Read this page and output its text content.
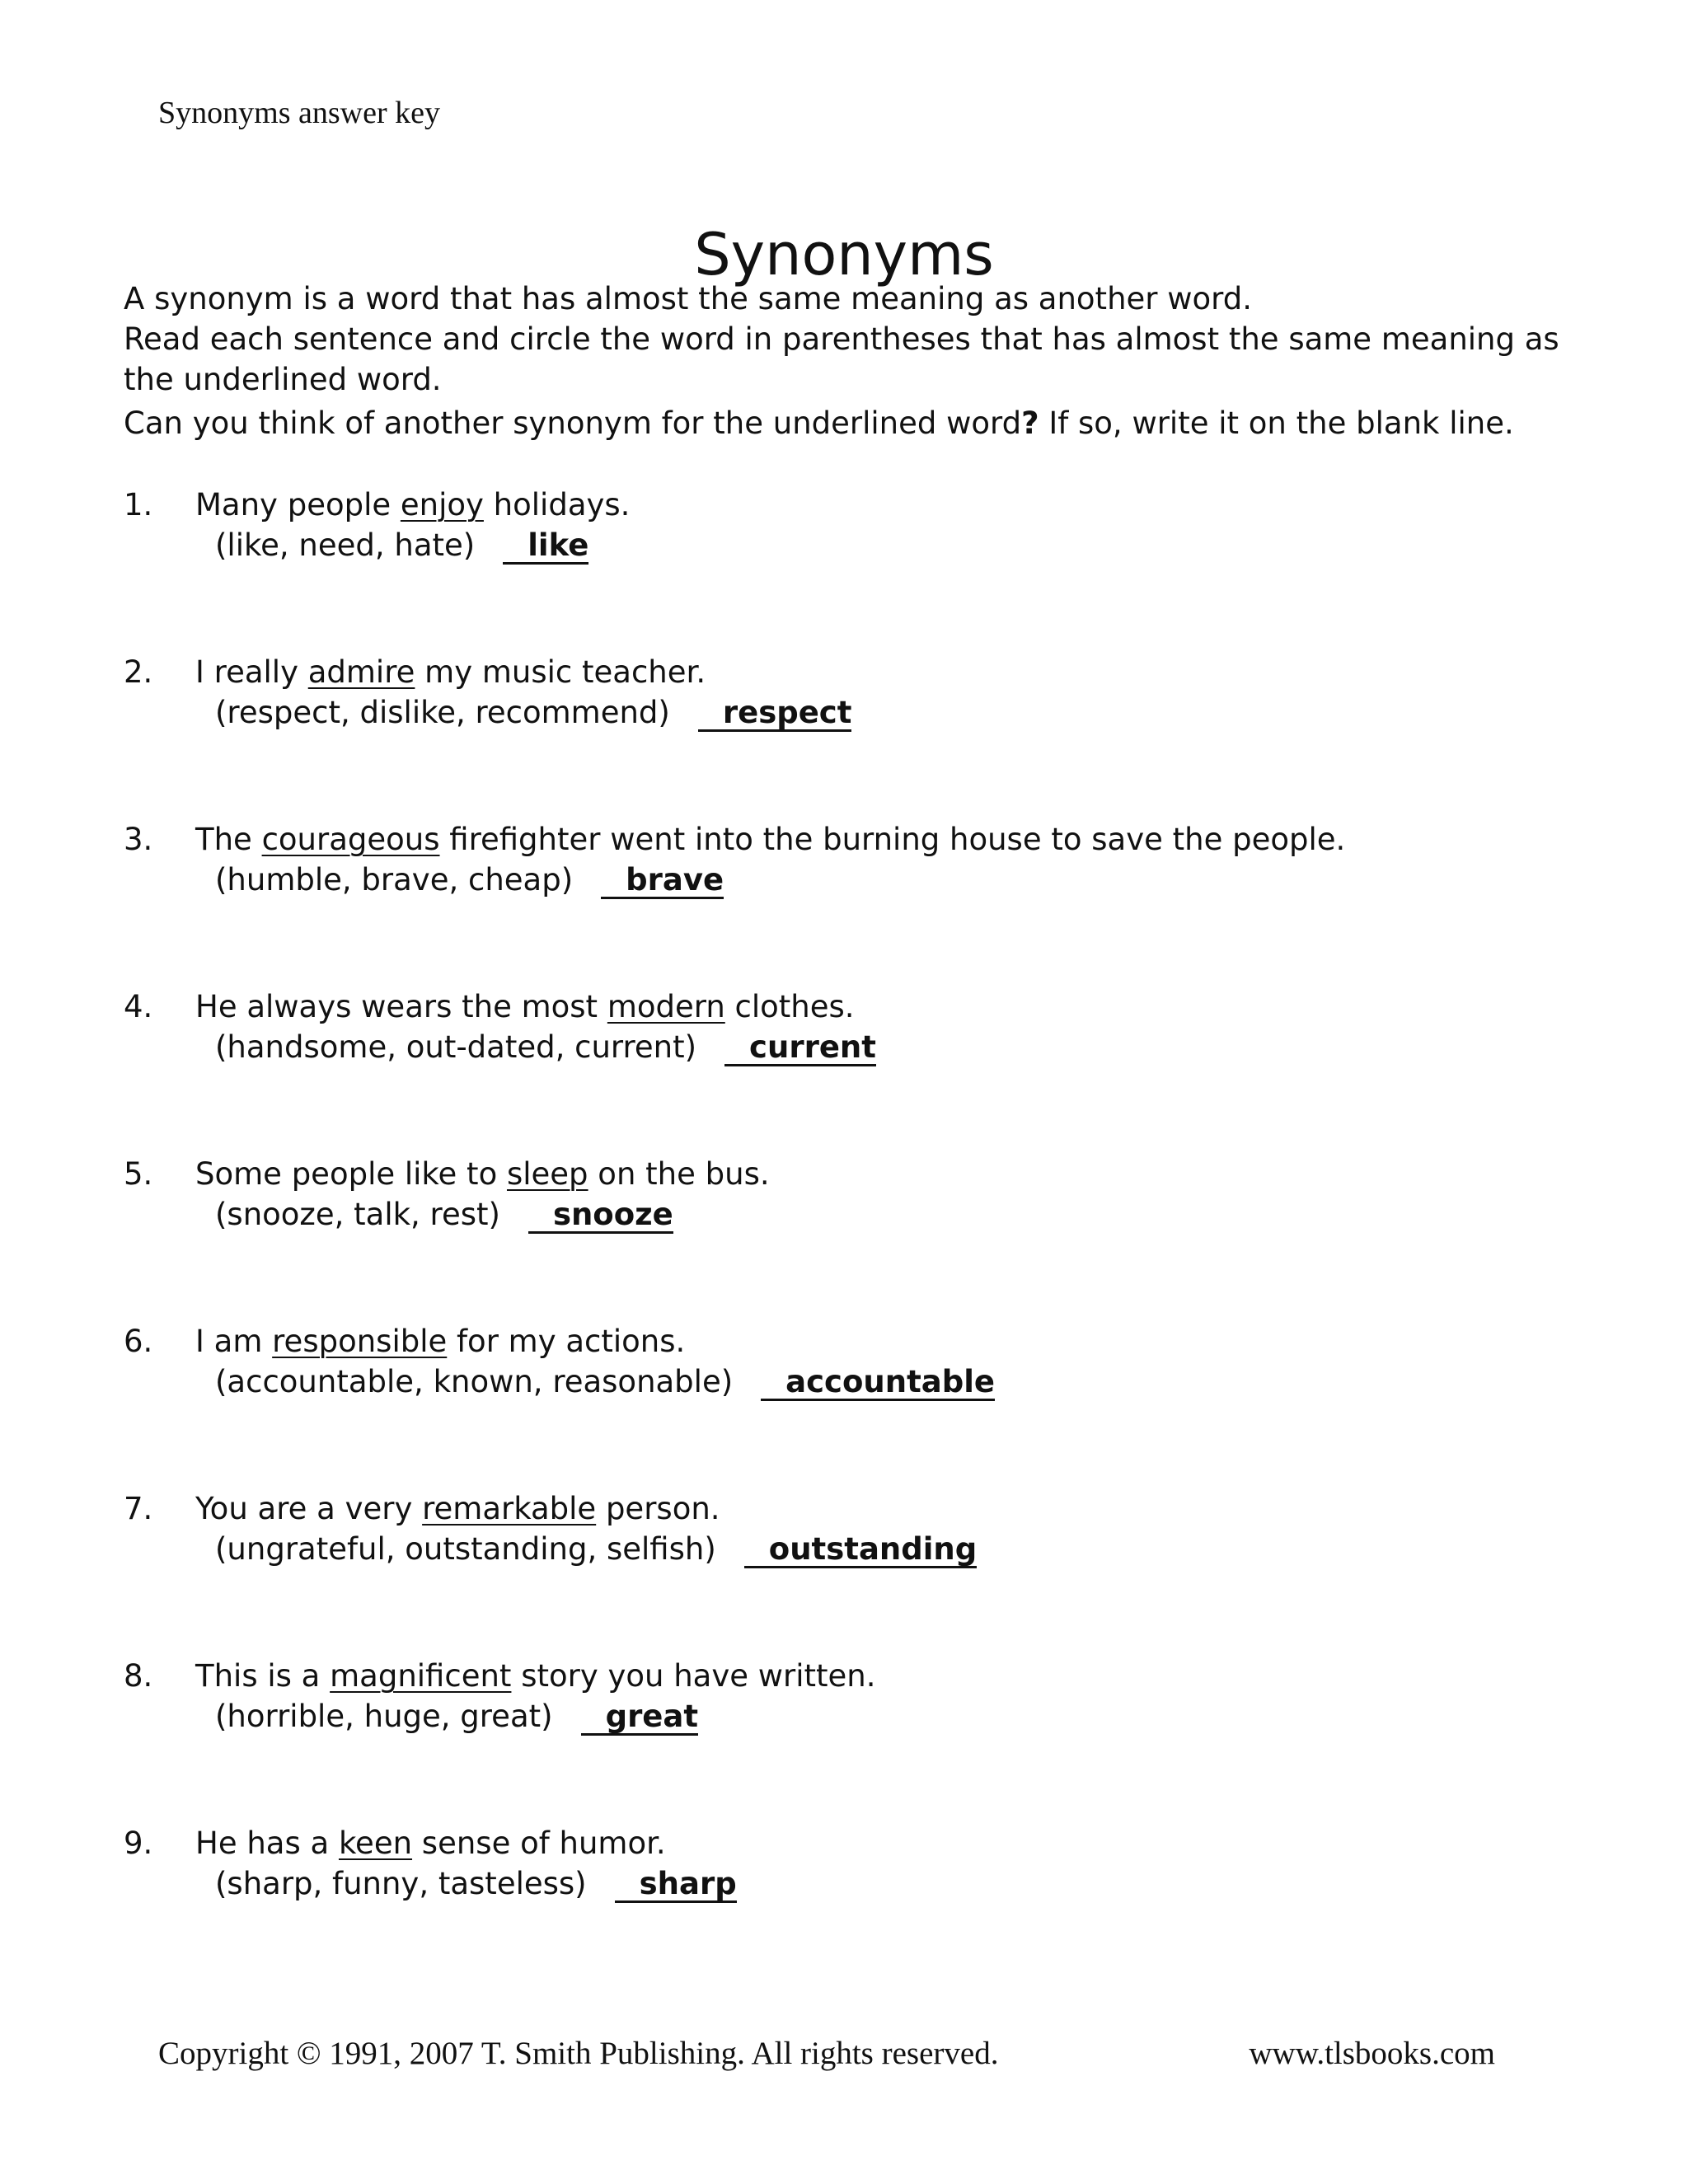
Synonyms answer key
Synonyms

A synonym is a word that has almost the same meaning as another word.

Read each sentence and circle the word in parentheses that has almost the same meaning as the underlined word.

Can you think of another synonym for the underlined word? If so, write it on the blank line.

1. Many people enjoy holidays.
(like, need, hate) like
2. I really admire my music teacher.
(respect, dislike, recommend) respect
3. The courageous firefighter went into the burning house to save the people.
(humble, brave, cheap) brave
4. He always wears the most modern clothes.
(handsome, out-dated, current) current
5. Some people like to sleep on the bus.
(snooze, talk, rest) snooze
6. I am responsible for my actions.
(accountable, known, reasonable) accountable
7. You are a very remarkable person.
(ungrateful, outstanding, selfish) outstanding
8. This is a magnificent story you have written.
(horrible, huge, great) great
9. He has a keen sense of humor.
(sharp, funny, tasteless) sharp
Copyright © 1991, 2007 T. Smith Publishing. All rights reserved.	www.tlsbooks.com
